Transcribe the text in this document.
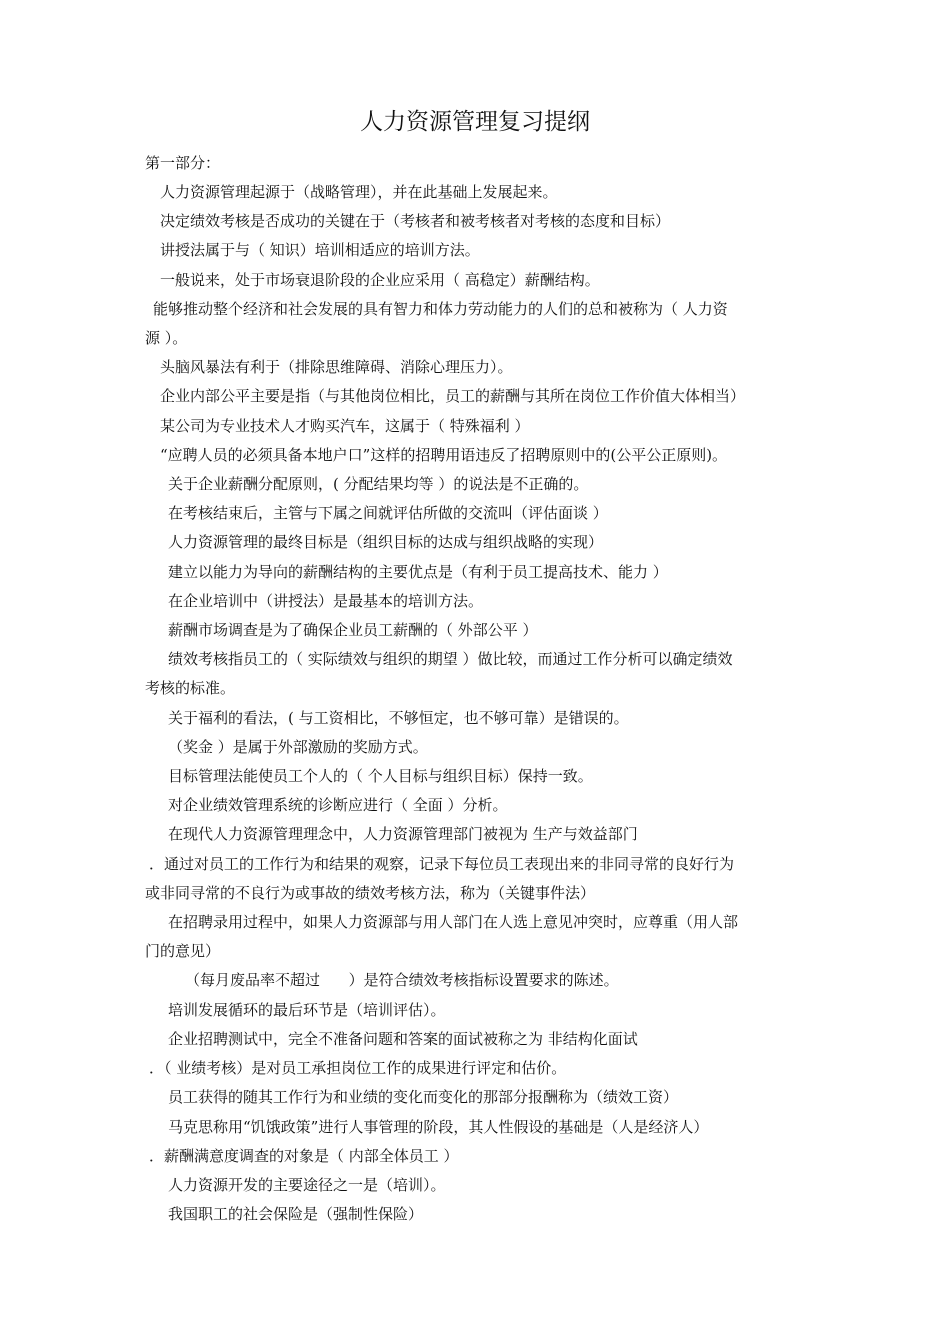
人力资源管理复习提纲
第一部分：
人力资源管理起源于（战略管理），并在此基础上发展起来。
决定绩效考核是否成功的关键在于（考核者和被考核者对考核的态度和目标）
讲授法属于与（ 知识）培训相适应的培训方法。
一般说来，处于市场衰退阶段的企业应采用（ 高稳定）薪酬结构。
能够推动整个经济和社会发展的具有智力和体力劳动能力的人们的总和被称为（ 人力资
源 ）。
头脑风暴法有利于（排除思维障碍、消除心理压力）。
企业内部公平主要是指（与其他岗位相比，员工的薪酬与其所在岗位工作价值大体相当）
某公司为专业技术人才购买汽车，这属于（ 特殊福利 ）
“应聘人员的必须具备本地户口”这样的招聘用语违反了招聘原则中的(公平公正原则)。
关于企业薪酬分配原则，( 分配结果均等 ）的说法是不正确的。
在考核结束后，主管与下属之间就评估所做的交流叫（评估面谈 ）
人力资源管理的最终目标是（组织目标的达成与组织战略的实现）
建立以能力为导向的薪酬结构的主要优点是（有利于员工提高技术、能力 ）
在企业培训中（讲授法）是最基本的培训方法。
薪酬市场调查是为了确保企业员工薪酬的（ 外部公平 ）
绩效考核指员工的（ 实际绩效与组织的期望 ）做比较，而通过工作分析可以确定绩效
考核的标准。
关于福利的看法，( 与工资相比，不够恒定，也不够可靠）是错误的。
（奖金 ）是属于外部激励的奖励方式。
目标管理法能使员工个人的（ 个人目标与组织目标）保持一致。
对企业绩效管理系统的诊断应进行（ 全面 ）分析。
在现代人力资源管理理念中，人力资源管理部门被视为 生产与效益部门
．通过对员工的工作行为和结果的观察，记录下每位员工表现出来的非同寻常的良好行为
或非同寻常的不良行为或事故的绩效考核方法，称为（关键事件法）
在招聘录用过程中，如果人力资源部与用人部门在人选上意见冲突时，应尊重（用人部
门的意见）
（每月废品率不超过      ）是符合绩效考核指标设置要求的陈述。
培训发展循环的最后环节是（培训评估）。
企业招聘测试中，完全不准备问题和答案的面试被称之为 非结构化面试
．（ 业绩考核）是对员工承担岗位工作的成果进行评定和估价。
员工获得的随其工作行为和业绩的变化而变化的那部分报酬称为（绩效工资）
马克思称用“饥饿政策”进行人事管理的阶段，其人性假设的基础是（人是经济人）
．薪酬满意度调查的对象是（ 内部全体员工 ）
人力资源开发的主要途径之一是（培训）。
我国职工的社会保险是（强制性保险）
